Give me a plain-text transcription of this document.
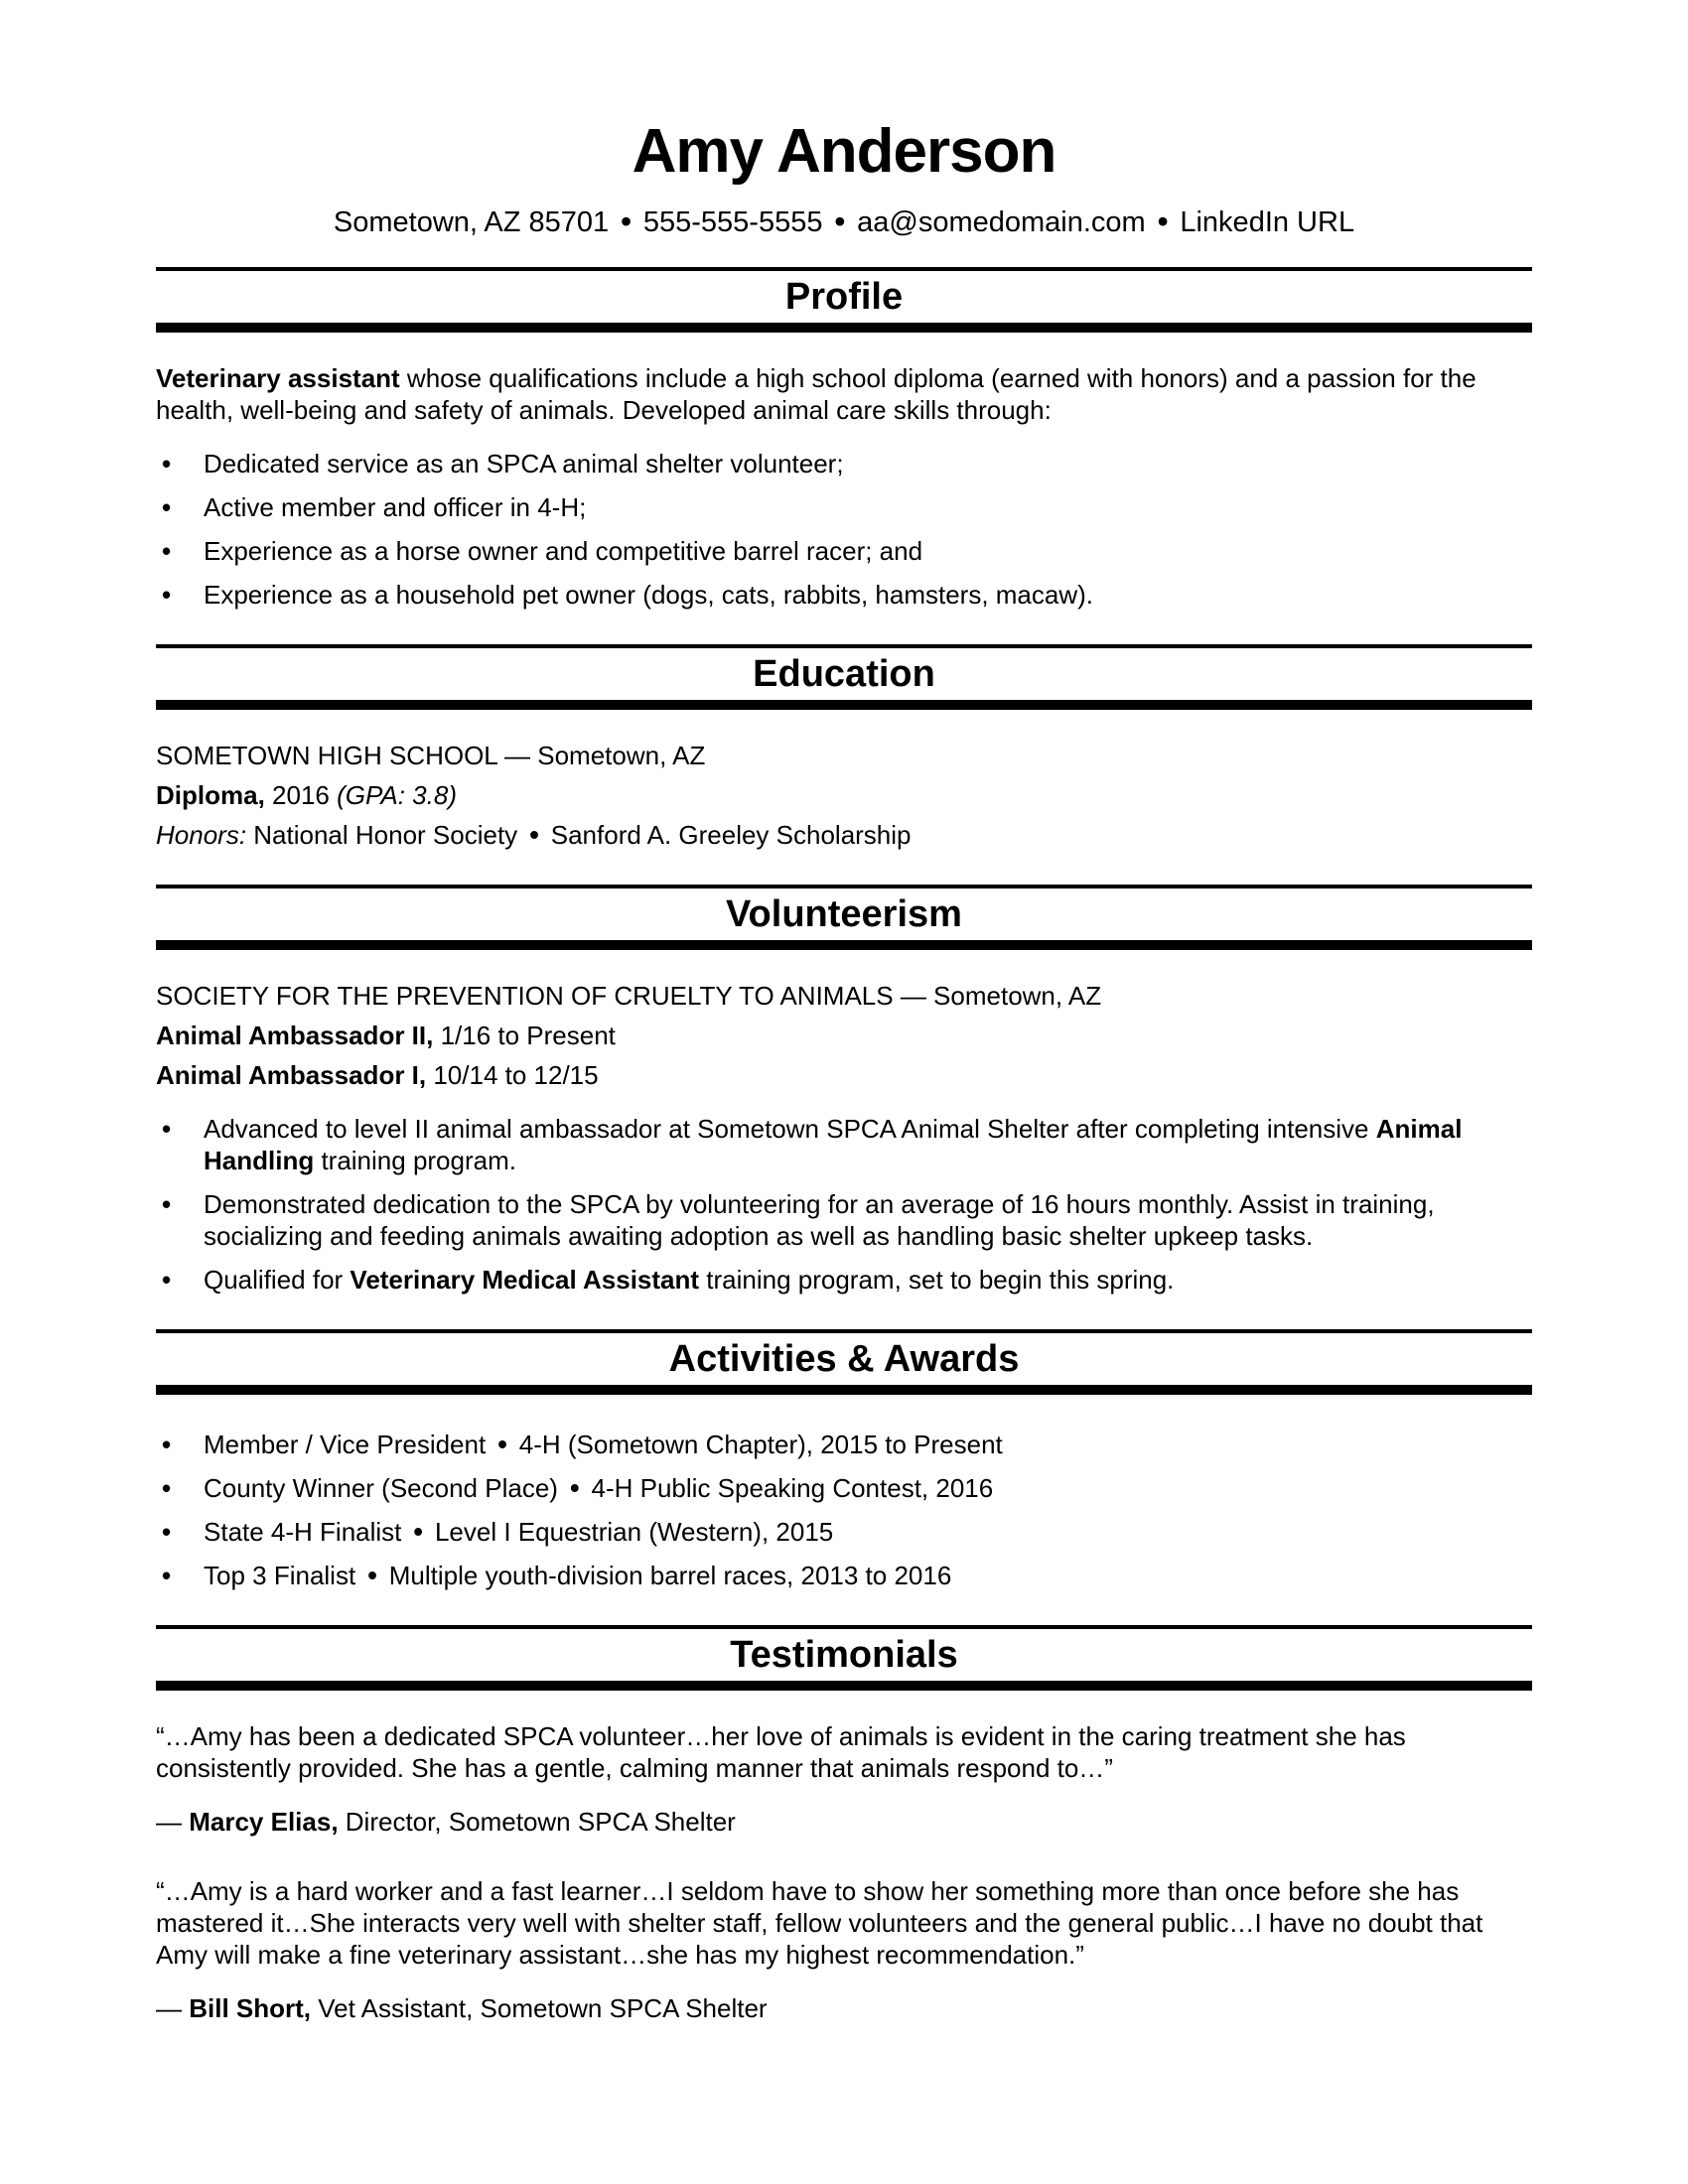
Amy Anderson

Sometown, AZ 85701 • 555-555-5555 • aa@somedomain.com • LinkedIn URL

Profile

Veterinary assistant whose qualifications include a high school diploma (earned with honors) and a passion for the health, well-being and safety of animals. Developed animal care skills through:

• Dedicated service as an SPCA animal shelter volunteer;
• Active member and officer in 4-H;
• Experience as a horse owner and competitive barrel racer; and
• Experience as a household pet owner (dogs, cats, rabbits, hamsters, macaw).
Education

SOMETOWN HIGH SCHOOL — Sometown, AZ

Diploma, 2016 (GPA: 3.8)

Honors: National Honor Society • Sanford A. Greeley Scholarship

Volunteerism

SOCIETY FOR THE PREVENTION OF CRUELTY TO ANIMALS — Sometown, AZ

Animal Ambassador II, 1/16 to Present

Animal Ambassador I, 10/14 to 12/15

• Advanced to level II animal ambassador at Sometown SPCA Animal Shelter after completing intensive Animal Handling training program.
• Demonstrated dedication to the SPCA by volunteering for an average of 16 hours monthly. Assist in training, socializing and feeding animals awaiting adoption as well as handling basic shelter upkeep tasks.
• Qualified for Veterinary Medical Assistant training program, set to begin this spring.
Activities & Awards
• Member / Vice President • 4-H (Sometown Chapter), 2015 to Present
• County Winner (Second Place) • 4-H Public Speaking Contest, 2016
• State 4-H Finalist • Level I Equestrian (Western), 2015
• Top 3 Finalist • Multiple youth-division barrel races, 2013 to 2016
Testimonials

“…Amy has been a dedicated SPCA volunteer…her love of animals is evident in the caring treatment she has consistently provided. She has a gentle, calming manner that animals respond to…”

— Marcy Elias, Director, Sometown SPCA Shelter

“…Amy is a hard worker and a fast learner…I seldom have to show her something more than once before she has mastered it…She interacts very well with shelter staff, fellow volunteers and the general public…I have no doubt that Amy will make a fine veterinary assistant…she has my highest recommendation.”

— Bill Short, Vet Assistant, Sometown SPCA Shelter
